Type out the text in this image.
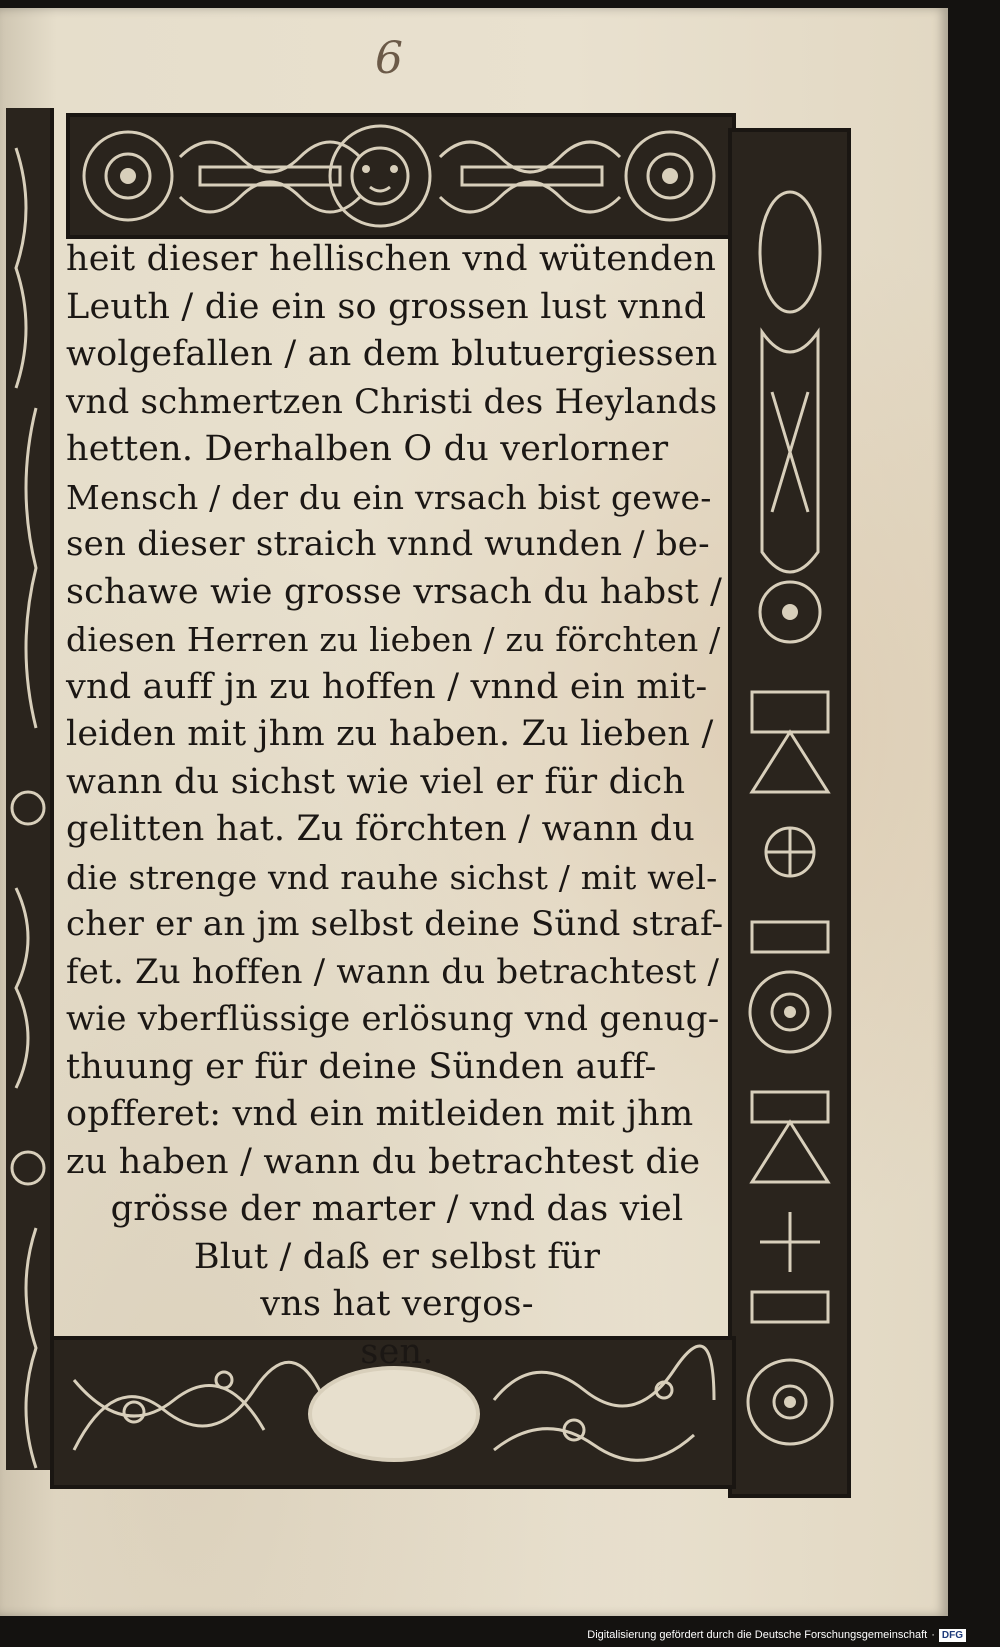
6
heit dieser hellischen vnd wütenden
Leuth / die ein so grossen lust vnnd
wolgefallen / an dem blutuergiessen
vnd schmertzen Christi des Heylands
hetten. Derhalben O du verlorner
Mensch / der du ein vrsach bist gewe-
sen dieser straich vnnd wunden / be-
schawe wie grosse vrsach du habst /
diesen Herren zu lieben / zu förchten /
vnd auff jn zu hoffen / vnnd ein mit-
leiden mit jhm zu haben. Zu lieben /
wann du sichst wie viel er für dich
gelitten hat. Zu förchten / wann du
die strenge vnd rauhe sichst / mit wel-
cher er an jm selbst deine Sünd straf-
fet. Zu hoffen / wann du betrachtest /
wie vberflüssige erlösung vnd genug-
thuung er für deine Sünden auff-
opfferet: vnd ein mitleiden mit jhm
zu haben / wann du betrachtest die
grösse der marter / vnd das viel
Blut / daß er selbst für
vns hat vergos-
sen.
Digitalisierung gefördert durch die Deutsche Forschungsgemeinschaft · DFG
